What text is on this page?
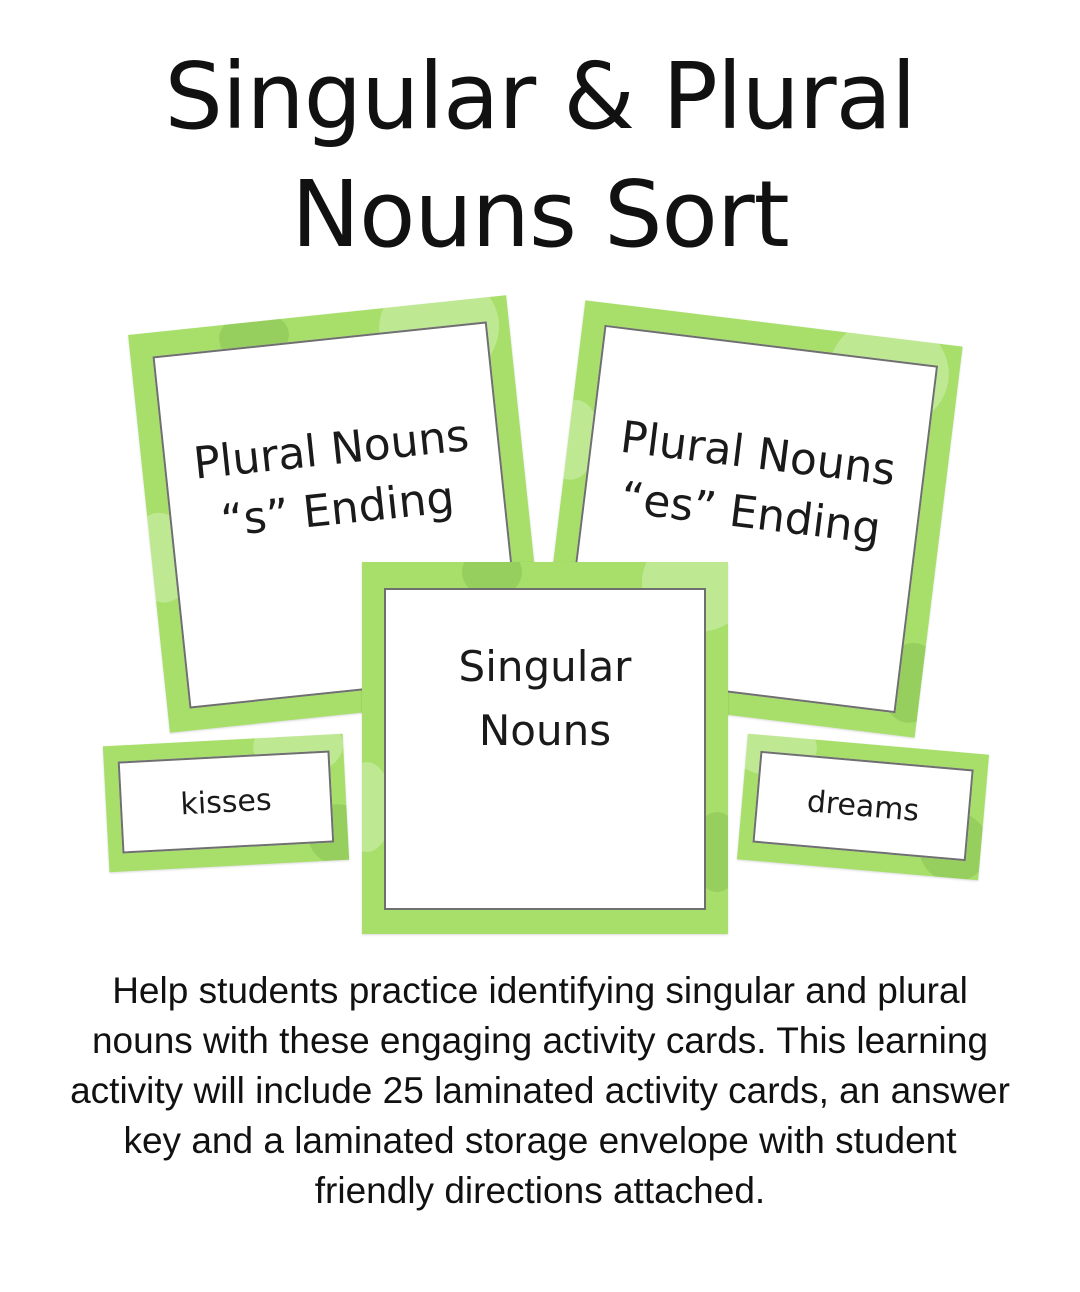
Singular & Plural
Nouns Sort
Plural Nouns
“s” Ending
Plural Nouns
“es” Ending
kisses	dreams
Singular
Nouns

Help students practice identifying singular and plural nouns with these engaging activity cards. This learning activity will include 25 laminated activity cards, an answer key and a laminated storage envelope with student friendly directions attached.
